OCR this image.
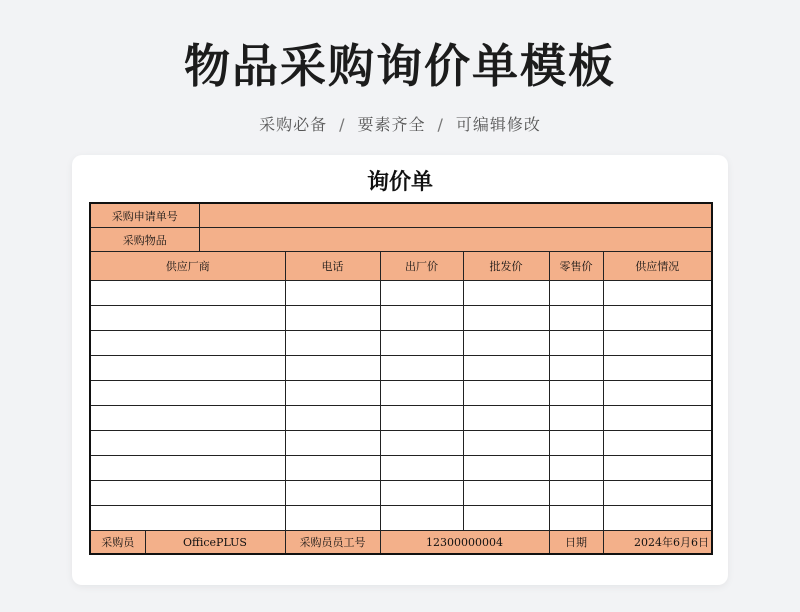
物品采购询价单模板
采购必备 / 要素齐全 / 可编辑修改
询价单
采购申请单号							
采购物品							
供应厂商			电话	出厂价	批发价	零售价	供应情况

采购员	OfficePLUS		采购员员工号	12300000004		日期	2024年6月6日
